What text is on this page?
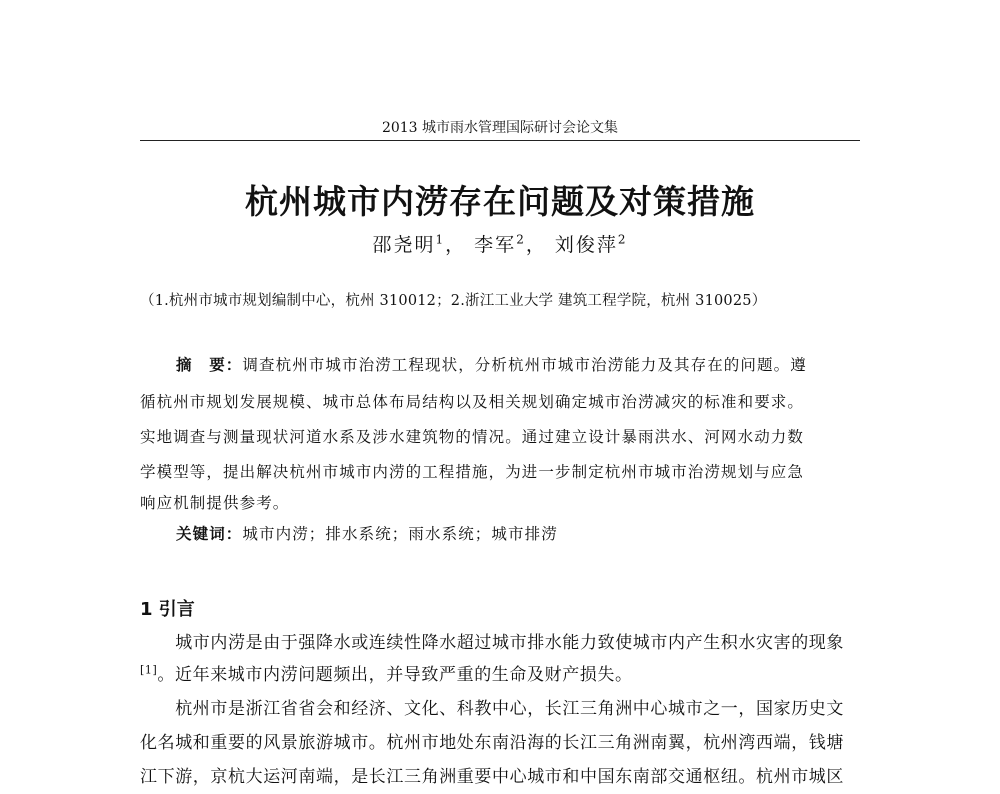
2013 城市雨水管理国际研讨会论文集
杭州城市内涝存在问题及对策措施
邵尧明$^1$， 李军$^2$， 刘俊萍$^2$
（1.杭州市城市规划编制中心，杭州 310012；2.浙江工业大学 建筑工程学院，杭州 310025）
摘　要：调查杭州市城市治涝工程现状，分析杭州市城市治涝能力及其存在的问题。遵
循杭州市规划发展规模、城市总体布局结构以及相关规划确定城市治涝减灾的标准和要求。
实地调查与测量现状河道水系及涉水建筑物的情况。通过建立设计暴雨洪水、河网水动力数
学模型等，提出解决杭州市城市内涝的工程措施，为进一步制定杭州市城市治涝规划与应急
响应机制提供参考。
关键词：城市内涝；排水系统；雨水系统；城市排涝
1 引言
　　城市内涝是由于强降水或连续性降水超过城市排水能力致使城市内产生积水灾害的现象
[1]。近年来城市内涝问题频出，并导致严重的生命及财产损失。
　　杭州市是浙江省省会和经济、文化、科教中心，长江三角洲中心城市之一，国家历史文
化名城和重要的风景旅游城市。杭州市地处东南沿海的长江三角洲南翼，杭州湾西端，钱塘
江下游，京杭大运河南端，是长江三角洲重要中心城市和中国东南部交通枢纽。杭州市城区
